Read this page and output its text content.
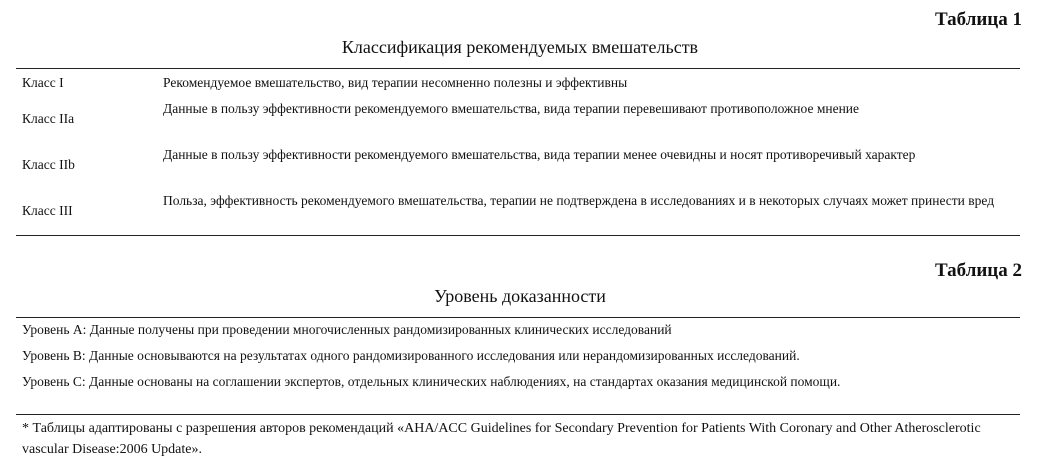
Таблица 1
Классификация рекомендуемых вмешательств
Класс I	Рекомендуемое вмешательство, вид терапии несомненно полезны и эффективны
Класс IIa
Данные в пользу эффективности рекомендуемого вмешательства, вида терапии перевешивают противоположное мнение
Класс IIb
Данные в пользу эффективности рекомендуемого вмешательства, вида терапии менее очевидны и носят противоречивый характер
Класс III
Польза, эффективность рекомендуемого вмешательства, терапии не подтверждена в исследованиях и в некоторых случаях может принести вред
Таблица 2
Уровень доказанности
Уровень А: Данные получены при проведении многочисленных рандомизированных клинических исследований
Уровень В: Данные основываются на результатах одного рандомизированного исследования или нерандомизированных исследований.
Уровень С: Данные основаны на соглашении экспертов, отдельных клинических наблюдениях, на стандартах оказания медицинской помощи.
* Таблицы адаптированы с разрешения авторов рекомендаций «AHA/ACC Guidelines for Secondary Prevention for Patients With Coronary and Other Atherosclerotic vascular Disease:2006 Update».
